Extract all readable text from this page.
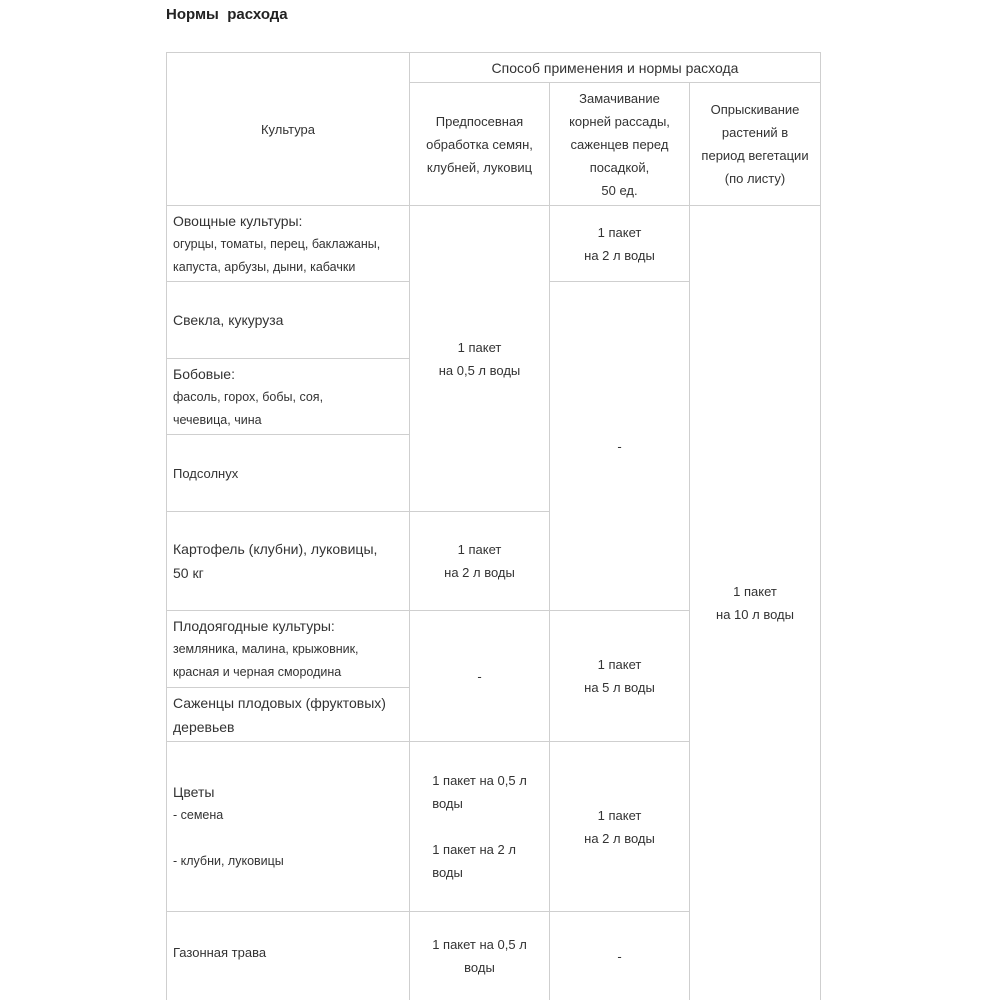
Нормы  расхода
Культура
Способ применения и нормы расхода
Предпосевная
обработка семян,
клубней, луковиц
Замачивание
корней рассады,
саженцев перед
посадкой,
50 ед.
Опрыскивание
растений в
период вегетации
(по листу)
Овощные культуры:
огурцы, томаты, перец, баклажаны,
капуста, арбузы, дыни, кабачки
Свекла, кукуруза
Бобовые:
фасоль, горох, бобы, соя,
чечевица, чина
Подсолнух
Картофель (клубни), луковицы,
50 кг
Плодоягодные культуры:
земляника, малина, крыжовник,
красная и черная смородина
Саженцы плодовых (фруктовых)
деревьев
Цветы
- семена

- клубни, луковицы
Газонная трава
1 пакет
на 0,5 л воды
1 пакет
на 2 л воды
-
1 пакет на 0,5 л
воды

1 пакет на 2 л
воды
1 пакет на 0,5 л
воды
1 пакет
на 2 л воды
-
1 пакет
на 5 л воды
1 пакет
на 2 л воды
-
1 пакет
на 10 л воды
